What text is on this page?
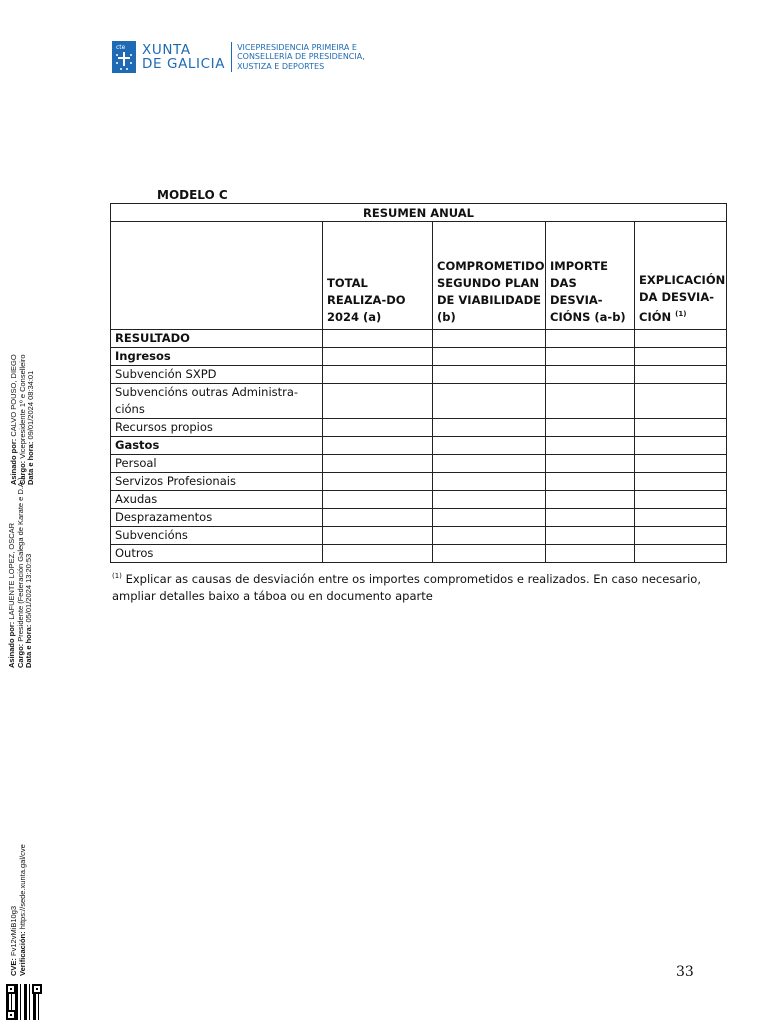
cte XUNTA
DE GALICIA
VICEPRESIDENCIA PRIMEIRA E
CONSELLERÍA DE PRESIDENCIA,
XUSTIZA E DEPORTES
MODELO C
RESUMEN ANUAL				
	TOTAL REALIZA-DO 2024 (a)	COMPROMETIDO SEGUNDO PLAN DE VIABILIDADE (b)	IMPORTE DAS DESVIA-CIÓNS (a-b)	EXPLICACIÓN DA DESVIA-CIÓN $^{(1)}$
RESULTADO				
Ingresos				
Subvención SXPD				
Subvencións outras Administra-cións				
Recursos propios				
Gastos				
Persoal				
Servizos Profesionais				
Axudas				
Desprazamentos				
Subvencións				
Outros				
$^{(1)}$ Explicar as causas de desviación entre os importes comprometidos e realizados. En caso necesario, ampliar detalles baixo a táboa ou en documento aparte
33
Asinado por: LAFUENTE LOPEZ, OSCAR
Cargo: Presidente (Federación Galega de Karate e D.A.)
Data e hora: 05/01/2024 13:20:53
Asinado por: CALVO POUSO, DIEGO
Cargo: Vicepresidente 1º e Conselleiro
Data e hora: 09/01/2024 08:34:01
CVE: Fv12vMiB10g3 Verificación: https://sede.xunta.gal/cve
